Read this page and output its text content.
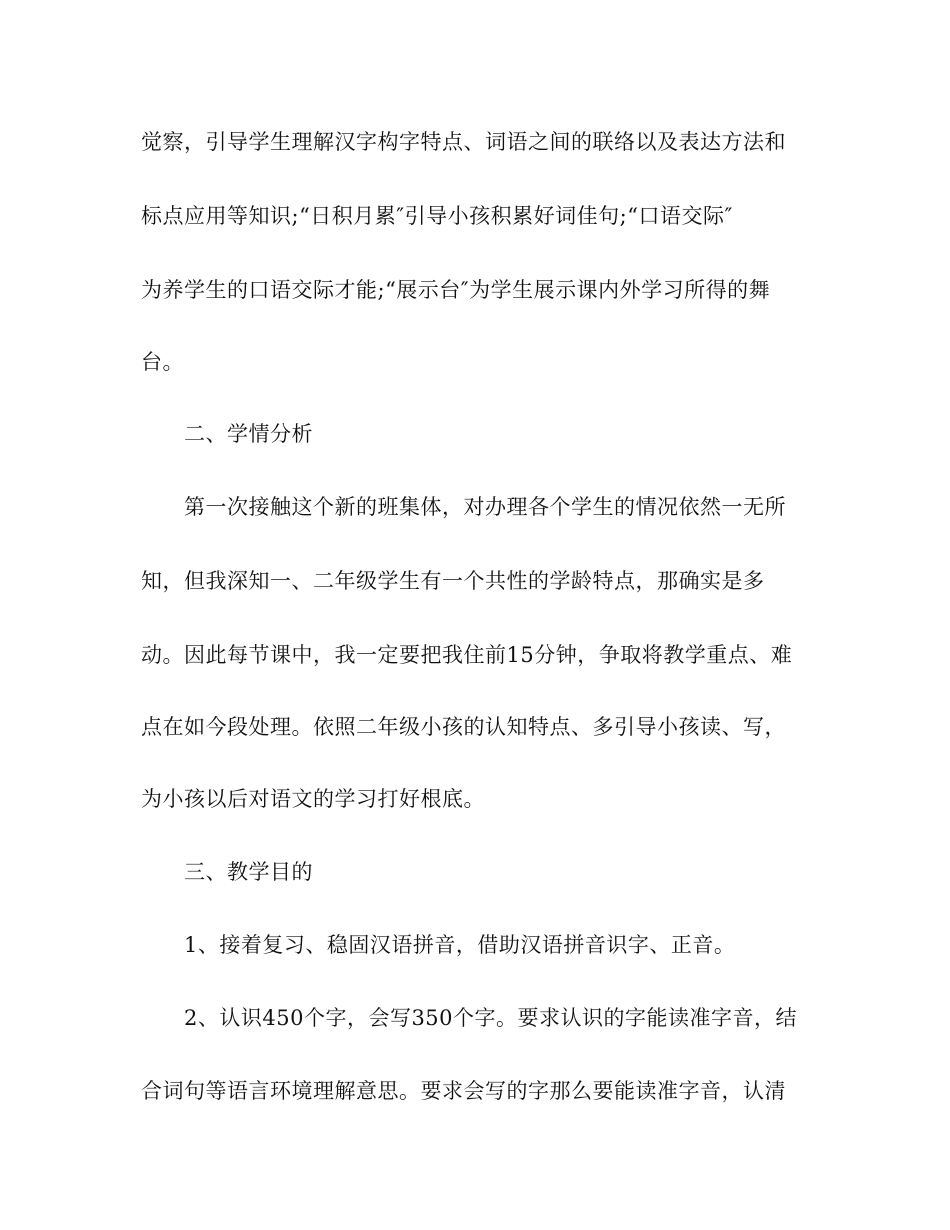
觉察，引导学生理解汉字构字特点、词语之间的联络以及表达方法和
标点应用等知识;“日积月累″引导小孩积累好词佳句;“口语交际″
为养学生的口语交际才能;“展示台″为学生展示课内外学习所得的舞
台。
二、学情分析
第一次接触这个新的班集体，对办理各个学生的情况依然一无所
知，但我深知一、二年级学生有一个共性的学龄特点，那确实是多
动。因此每节课中，我一定要把我住前15分钟，争取将教学重点、难
点在如今段处理。依照二年级小孩的认知特点、多引导小孩读、写，
为小孩以后对语文的学习打好根底。
三、教学目的
1、接着复习、稳固汉语拼音，借助汉语拼音识字、正音。
2、认识450个字，会写350个字。要求认识的字能读准字音，结
合词句等语言环境理解意思。要求会写的字那么要能读准字音，认清
